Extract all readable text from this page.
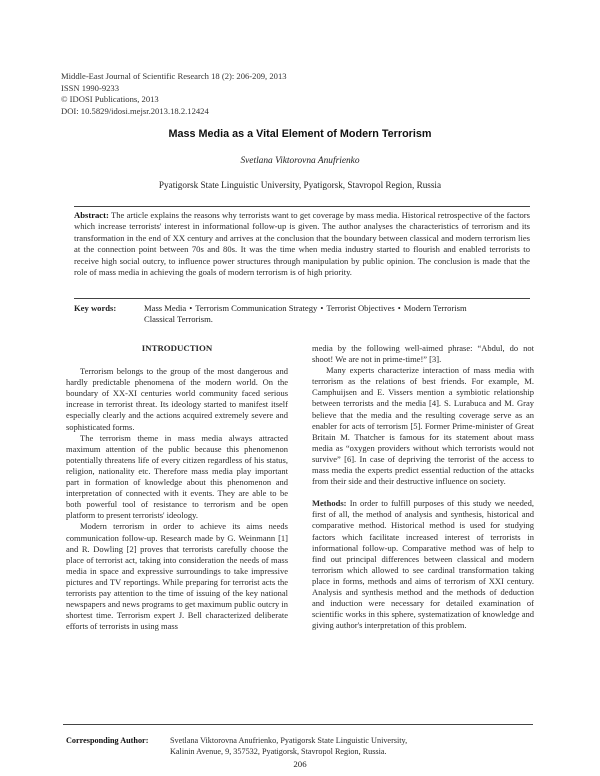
Middle-East Journal of Scientific Research 18 (2): 206-209, 2013
ISSN 1990-9233
© IDOSI Publications, 2013
DOI: 10.5829/idosi.mejsr.2013.18.2.12424
Mass Media as a Vital Element of Modern Terrorism
Svetlana Viktorovna Anufrienko
Pyatigorsk State Linguistic University, Pyatigorsk, Stavropol Region, Russia
Abstract: The article explains the reasons why terrorists want to get coverage by mass media. Historical retrospective of the factors which increase terrorists' interest in informational follow-up is given. The author analyses the characteristics of terrorism and its transformation in the end of XX century and arrives at the conclusion that the boundary between classical and modern terrorism lies at the connection point between 70s and 80s. It was the time when media industry started to flourish and enabled terrorists to receive high social outcry, to influence power structures through manipulation by public opinion. The conclusion is made that the role of mass media in achieving the goals of modern terrorism is of high priority.
Key words:	Mass Media • Terrorism Communication Strategy • Terrorist Objectives • Modern Terrorism
Classical Terrorism.
INTRODUCTION

Terrorism belongs to the group of the most dangerous and hardly predictable phenomena of the modern world. On the boundary of XX-XI centuries world community faced serious increase in terrorist threat. Its ideology started to manifest itself especially clearly and the actions acquired extremely severe and sophisticated forms.

The terrorism theme in mass media always attracted maximum attention of the public because this phenomenon potentially threatens life of every citizen regardless of his status, religion, nationality etc. Therefore mass media play important part in formation of knowledge about this phenomenon and interpretation of connected with it events. They are able to be both powerful tool of resistance to terrorism and be open platform to present terrorists' ideology.

Modern terrorism in order to achieve its aims needs communication follow-up. Research made by G. Weinmann [1] and R. Dowling [2] proves that terrorists carefully choose the place of terrorist act, taking into consideration the needs of mass media in space and expressive surroundings to take impressive pictures and TV reportings. While preparing for terrorist acts the terrorists pay attention to the time of issuing of the key national newspapers and news programs to get maximum public outcry in shortest time. Terrorism expert J. Bell characterized deliberate efforts of terrorists in using mass

media by the following well-aimed phrase: “Abdul, do not shoot! We are not in prime-time!” [3].

Many experts characterize interaction of mass media with terrorism as the relations of best friends. For example, M. Camphuijsen and E. Vissers mention a symbiotic relationship between terrorists and the media [4]. S. Lurabuca and M. Gray believe that the media and the resulting coverage serve as an enabler for acts of terrorism [5]. Former Prime-minister of Great Britain M. Thatcher is famous for its statement about mass media as “oxygen providers without which terrorists would not survive” [6]. In case of depriving the terrorist of the access to mass media the experts predict essential reduction of the attacks from their side and their destructive influence on society.

Methods: In order to fulfill purposes of this study we needed, first of all, the method of analysis and synthesis, historical and comparative method. Historical method is used for studying factors which facilitate increased interest of terrorists in informational follow-up. Comparative method was of help to find out principal differences between classical and modern terrorism which allowed to see cardinal transformation taking place in forms, methods and aims of terrorism of XXI century. Analysis and synthesis method and the methods of deduction and induction were necessary for detailed examination of scientific works in this sphere, systematization of knowledge and giving author's interpretation of this problem.

Corresponding Author:	Svetlana Viktorovna Anufrienko, Pyatigorsk State Linguistic University,
Kalinin Avenue, 9, 357532, Pyatigorsk, Stavropol Region, Russia.
206
